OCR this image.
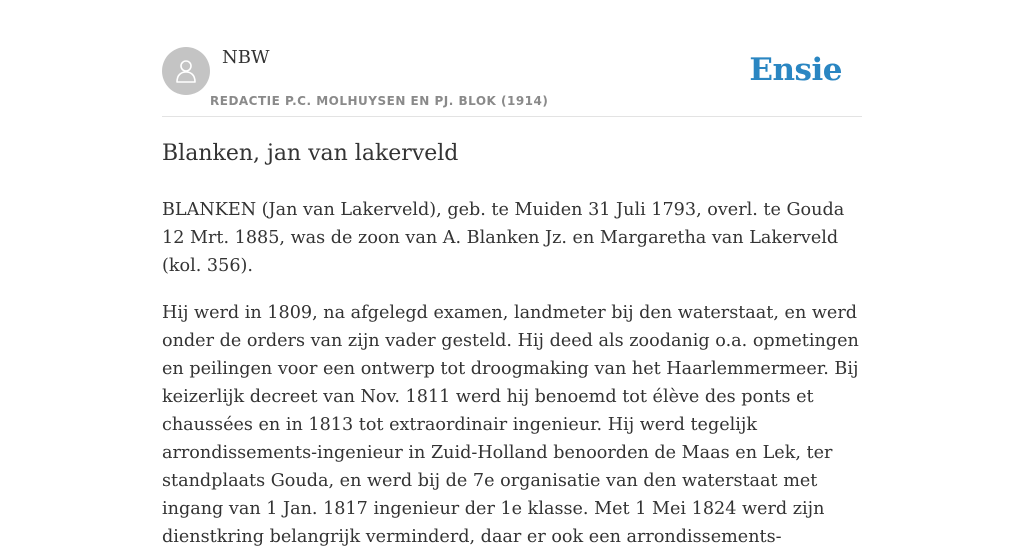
NBW
REDACTIE P.C. MOLHUYSEN EN PJ. BLOK (1914)
Ensie
Blanken, jan van lakerveld

BLANKEN (Jan van Lakerveld), geb. te Muiden 31 Juli 1793, overl. te Gouda 12 Mrt. 1885, was de zoon van A. Blanken Jz. en Margaretha van Lakerveld (kol. 356).

Hij werd in 1809, na afgelegd examen, landmeter bij den waterstaat, en werd onder de orders van zijn vader gesteld. Hij deed als zoodanig o.a. opmetingen en peilingen voor een ontwerp tot droogmaking van het Haarlemmermeer. Bij keizerlijk decreet van Nov. 1811 werd hij benoemd tot élève des ponts et chaussées en in 1813 tot extraordinair ingenieur. Hij werd tegelijk arrondissements-ingenieur in Zuid-Holland benoorden de Maas en Lek, ter standplaats Gouda, en werd bij de 7e organisatie van den waterstaat met ingang van 1 Jan. 1817 ingenieur der 1e klasse. Met 1 Mei 1824 werd zijn dienstkring belangrijk verminderd, daar er ook een arrondissements-
